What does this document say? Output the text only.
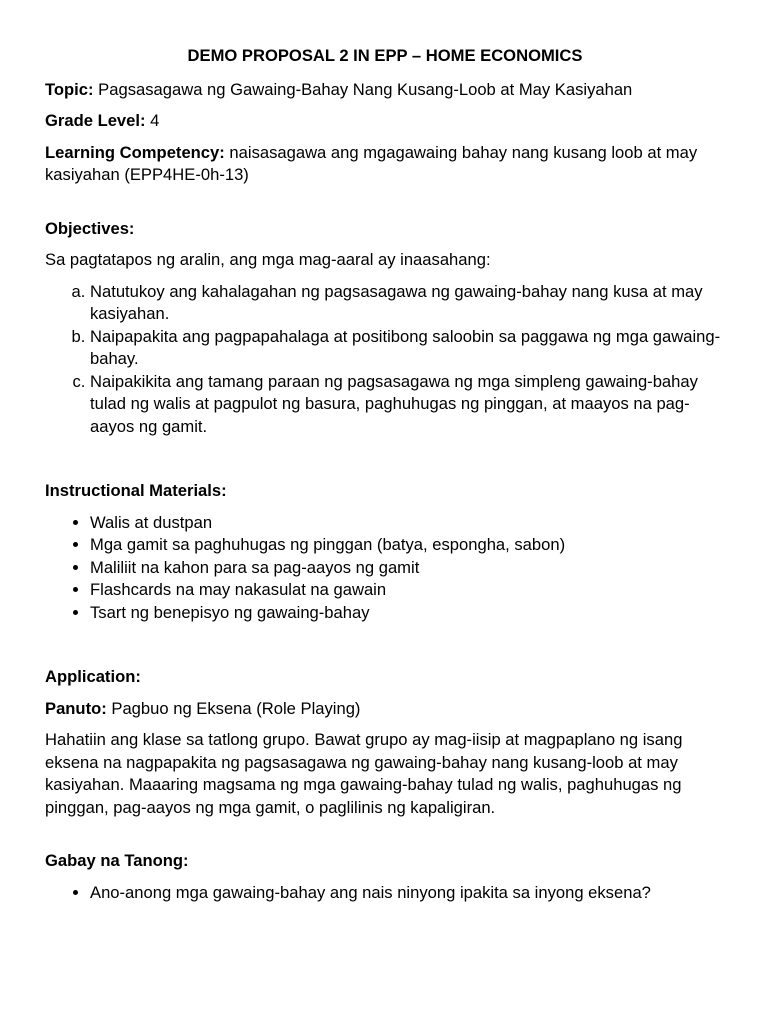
DEMO PROPOSAL 2 IN EPP – HOME ECONOMICS

Topic: Pagsasagawa ng Gawaing-Bahay Nang Kusang-Loob at May Kasiyahan

Grade Level: 4

Learning Competency: naisasagawa ang mgagawaing bahay nang kusang loob at may kasiyahan (EPP4HE-0h-13)

Objectives:

Sa pagtatapos ng aralin, ang mga mag-aaral ay inaasahang:

a. Natutukoy ang kahalagahan ng pagsasagawa ng gawaing-bahay nang kusa at may kasiyahan.
b. Naipapakita ang pagpapahalaga at positibong saloobin sa paggawa ng mga gawaing-bahay.
c. Naipakikita ang tamang paraan ng pagsasagawa ng mga simpleng gawaing-bahay tulad ng walis at pagpulot ng basura, paghuhugas ng pinggan, at maayos na pag-aayos ng gamit.

Instructional Materials:

• Walis at dustpan
• Mga gamit sa paghuhugas ng pinggan (batya, espongha, sabon)
• Maliliit na kahon para sa pag-aayos ng gamit
• Flashcards na may nakasulat na gawain
• Tsart ng benepisyo ng gawaing-bahay

Application:

Panuto: Pagbuo ng Eksena (Role Playing)

Hahatiin ang klase sa tatlong grupo. Bawat grupo ay mag-iisip at magpaplano ng isang eksena na nagpapakita ng pagsasagawa ng gawaing-bahay nang kusang-loob at may kasiyahan. Maaaring magsama ng mga gawaing-bahay tulad ng walis, paghuhugas ng pinggan, pag-aayos ng mga gamit, o paglilinis ng kapaligiran.

Gabay na Tanong:

• Ano-anong mga gawaing-bahay ang nais ninyong ipakita sa inyong eksena?
